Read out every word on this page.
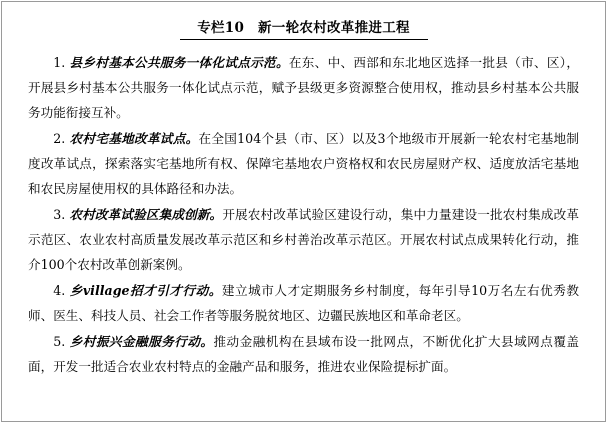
专栏10　新一轮农村改革推进工程

1. 县乡村基本公共服务一体化试点示范。在东、中、西部和东北地区选择一批县（市、区），开展县乡村基本公共服务一体化试点示范，赋予县级更多资源整合使用权，推动县乡村基本公共服务功能衔接互补。

2. 农村宅基地改革试点。在全国104个县（市、区）以及3个地级市开展新一轮农村宅基地制度改革试点，探索落实宅基地所有权、保障宅基地农户资格权和农民房屋财产权、适度放活宅基地和农民房屋使用权的具体路径和办法。

3. 农村改革试验区集成创新。开展农村改革试验区建设行动，集中力量建设一批农村集成改革示范区、农业农村高质量发展改革示范区和乡村善治改革示范区。开展农村试点成果转化行动，推介100个农村改革创新案例。

4. 乡village招才引才行动。建立城市人才定期服务乡村制度，每年引导10万名左右优秀教师、医生、科技人员、社会工作者等服务脱贫地区、边疆民族地区和革命老区。

5. 乡村振兴金融服务行动。推动金融机构在县域布设一批网点，不断优化扩大县域网点覆盖面，开发一批适合农业农村特点的金融产品和服务，推进农业保险提标扩面。
